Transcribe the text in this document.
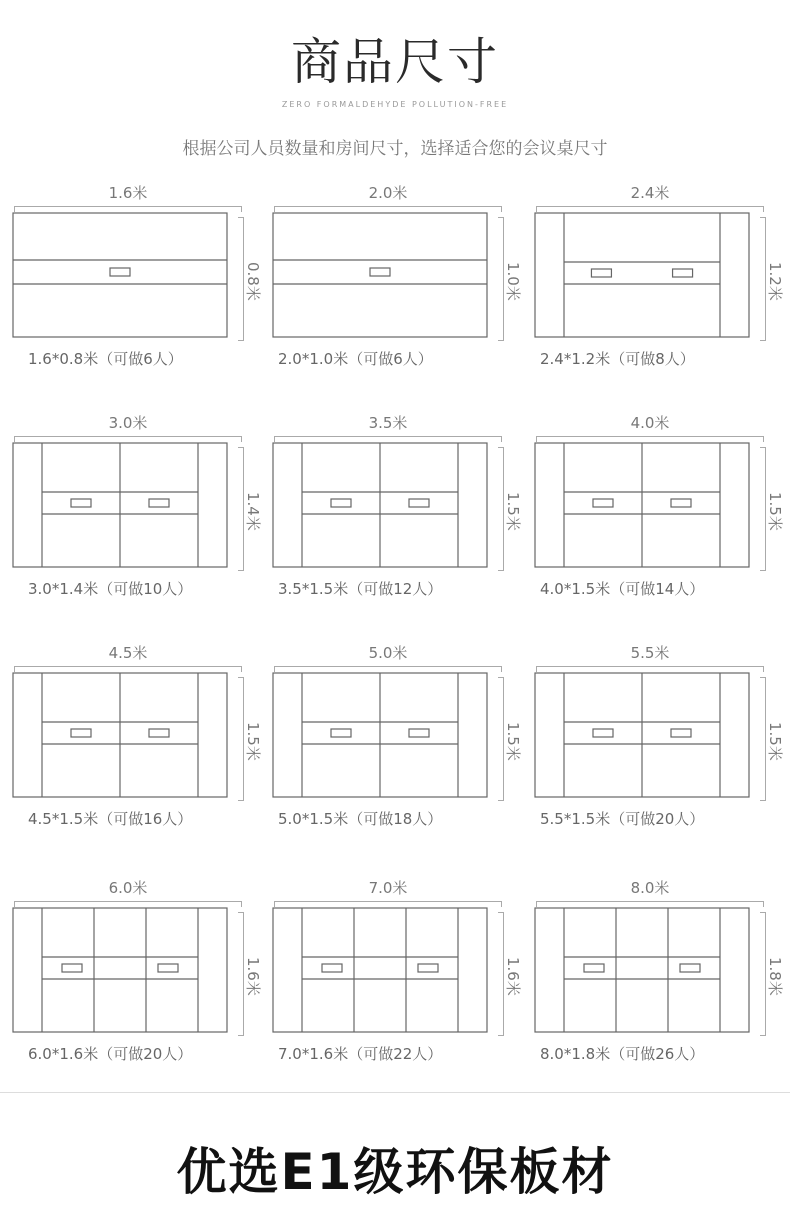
商品尺寸
ZERO FORMALDEHYDE POLLUTION-FREE
根据公司人员数量和房间尺寸，选择适合您的会议桌尺寸
1.6米
0.8米
1.6*0.8米（可做6人）
2.0米
1.0米
2.0*1.0米（可做6人）
2.4米
1.2米
2.4*1.2米（可做8人）
3.0米
1.4米
3.0*1.4米（可做10人）
3.5米
1.5米
3.5*1.5米（可做12人）
4.0米
1.5米
4.0*1.5米（可做14人）
4.5米
1.5米
4.5*1.5米（可做16人）
5.0米
1.5米
5.0*1.5米（可做18人）
5.5米
1.5米
5.5*1.5米（可做20人）
6.0米
1.6米
6.0*1.6米（可做20人）
7.0米
1.6米
7.0*1.6米（可做22人）
8.0米
1.8米
8.0*1.8米（可做26人）
优选E1级环保板材
